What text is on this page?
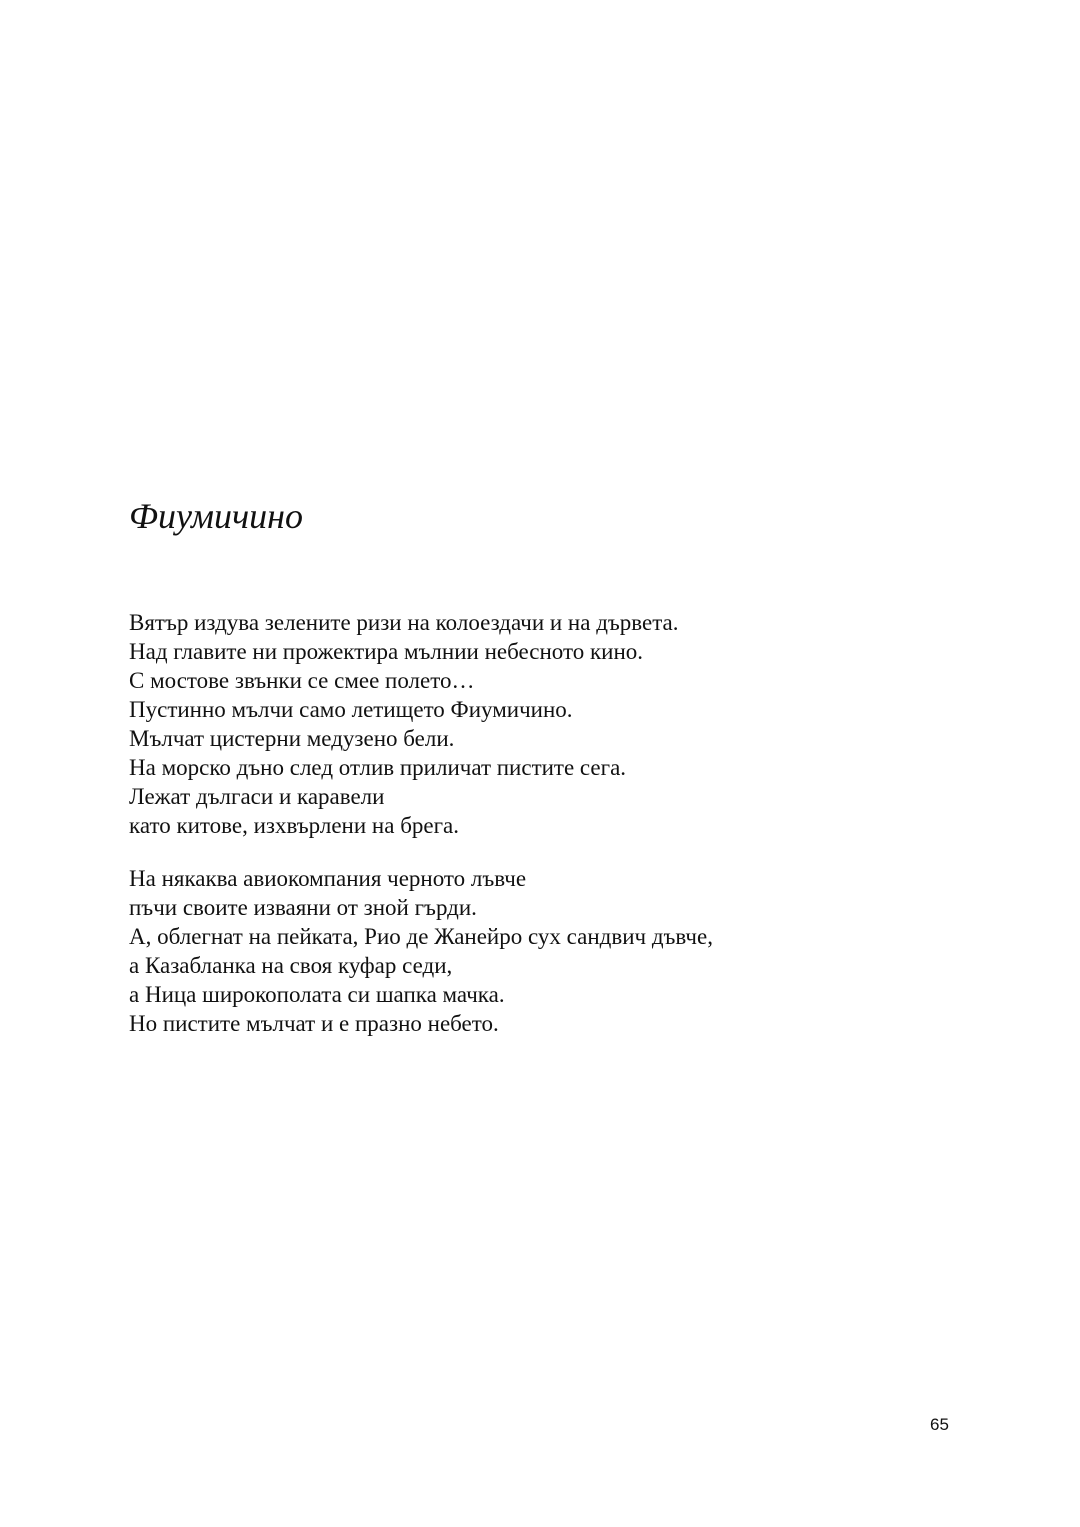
Фиумичино

Вятър издува зелените ризи на колоездачи и на дървета.
Над главите ни прожектира мълнии небесното кино.
С мостове звънки се смее полето…
Пустинно мълчи само летището Фиумичино.
Мълчат цистерни медузено бели.
На морско дъно след отлив приличат пистите сега.
Лежат дългаси и каравели
като китове, изхвърлени на брега.

На някаква авиокомпания черното лъвче
пъчи своите изваяни от зной гърди.
А, облегнат на пейката, Рио де Жанейро сух сандвич дъвче,
а Казабланка на своя куфар седи,
а Ница широкополата си шапка мачка.
Но пистите мълчат и е празно небето.

65
